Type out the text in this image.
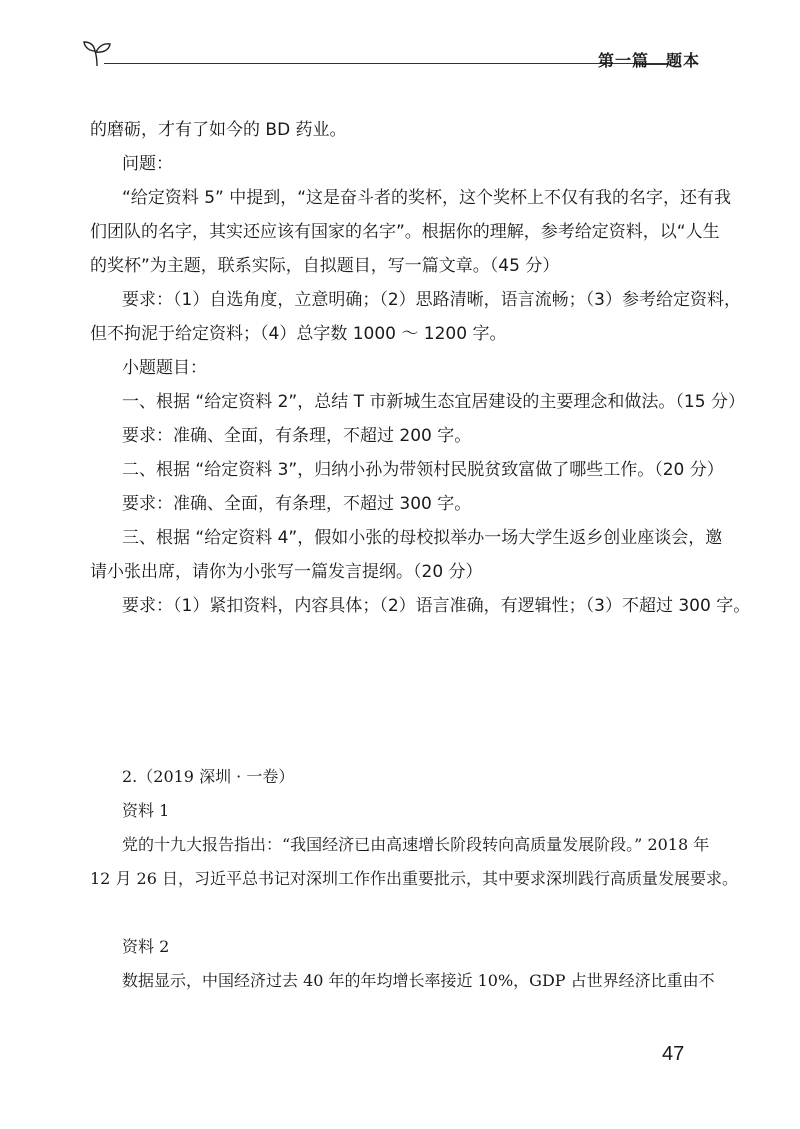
第一篇　题本
的磨砺，才有了如今的 BD 药业。
问题：
“给定资料 5” 中提到，“这是奋斗者的奖杯，这个奖杯上不仅有我的名字，还有我
们团队的名字，其实还应该有国家的名字”。根据你的理解，参考给定资料，以“人生
的奖杯”为主题，联系实际，自拟题目，写一篇文章。（45 分）
要求：（1）自选角度，立意明确；（2）思路清晰，语言流畅；（3）参考给定资料，
但不拘泥于给定资料；（4）总字数 1000 ～ 1200 字。
小题题目：
一、根据 “给定资料 2”，总结 T 市新城生态宜居建设的主要理念和做法。（15 分）
要求：准确、全面，有条理，不超过 200 字。
二、根据 “给定资料 3”，归纳小孙为带领村民脱贫致富做了哪些工作。（20 分）
要求：准确、全面，有条理，不超过 300 字。
三、根据 “给定资料 4”，假如小张的母校拟举办一场大学生返乡创业座谈会，邀
请小张出席，请你为小张写一篇发言提纲。（20 分）
要求：（1）紧扣资料，内容具体；（2）语言准确，有逻辑性；（3）不超过 300 字。
2.（2019 深圳 · 一卷）
资料 1
党的十九大报告指出：“我国经济已由高速增长阶段转向高质量发展阶段。” 2018 年
12 月 26 日，习近平总书记对深圳工作作出重要批示，其中要求深圳践行高质量发展要求。
资料 2
数据显示，中国经济过去 40 年的年均增长率接近 10%，GDP 占世界经济比重由不
47
